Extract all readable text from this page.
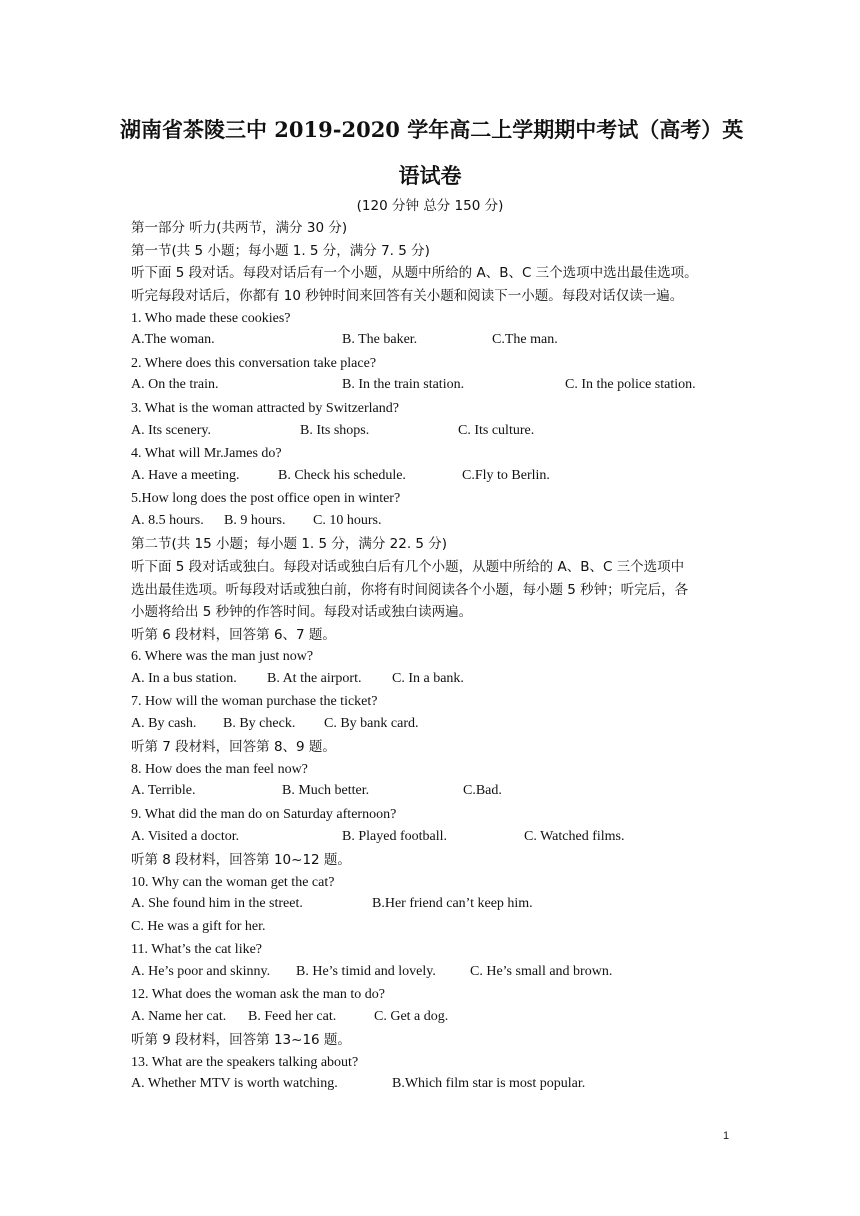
湖南省茶陵三中 2019-2020 学年高二上学期期中考试（高考）英
语试卷
(120 分钟 总分 150 分)
第一部分 听力(共两节，满分 30 分)
第一节(共 5 小题；每小题 1. 5 分，满分 7. 5 分)
听下面 5 段对话。每段对话后有一个小题，从题中所给的 A、B、C 三个选项中选出最佳选项。
听完每段对话后，你都有 10 秒钟时间来回答有关小题和阅读下一小题。每段对话仅读一遍。
1. Who made these cookies?
A.The woman.	B. The baker.	C.The man.
2. Where does this conversation take place?
A. On the train.	B. In the train station.	C. In the police station.
3. What is the woman attracted by Switzerland?
A. Its scenery.	B. Its shops.	C. Its culture.
4. What will Mr.James do?
A. Have a meeting.	B. Check his schedule.	C.Fly to Berlin.
5.How long does the post office open in winter?
A. 8.5 hours. B. 9 hours. C. 10 hours.
第二节(共 15 小题；每小题 1. 5 分，满分 22. 5 分)
听下面 5 段对话或独白。每段对话或独白后有几个小题，从题中所给的 A、B、C 三个选项中
选出最佳选项。听每段对话或独白前，你将有时间阅读各个小题，每小题 5 秒钟；听完后，各
小题将给出 5 秒钟的作答时间。每段对话或独白读两遍。
听第 6 段材料，回答第 6、7 题。
6. Where was the man just now?
A. In a bus station. B. At the airport. C. In a bank.
7. How will the woman purchase the ticket?
A. By cash. B. By check. C. By bank card.
听第 7 段材料，回答第 8、9 题。
8. How does the man feel now?
A. Terrible.	B. Much better.	C.Bad.
9. What did the man do on Saturday afternoon?
A. Visited a doctor.	B. Played football.	C. Watched films.
听第 8 段材料，回答第 10~12 题。
10. Why can the woman get the cat?
A. She found him in the street.	B.Her friend can’t keep him.
C. He was a gift for her.
11. What’s the cat like?
A. He’s poor and skinny. B. He’s timid and lovely. C. He’s small and brown.
12. What does the woman ask the man to do?
A. Name her cat. B. Feed her cat.	C. Get a dog.
听第 9 段材料，回答第 13~16 题。
13. What are the speakers talking about?
A. Whether MTV is worth watching.	B.Which film star is most popular.
1
